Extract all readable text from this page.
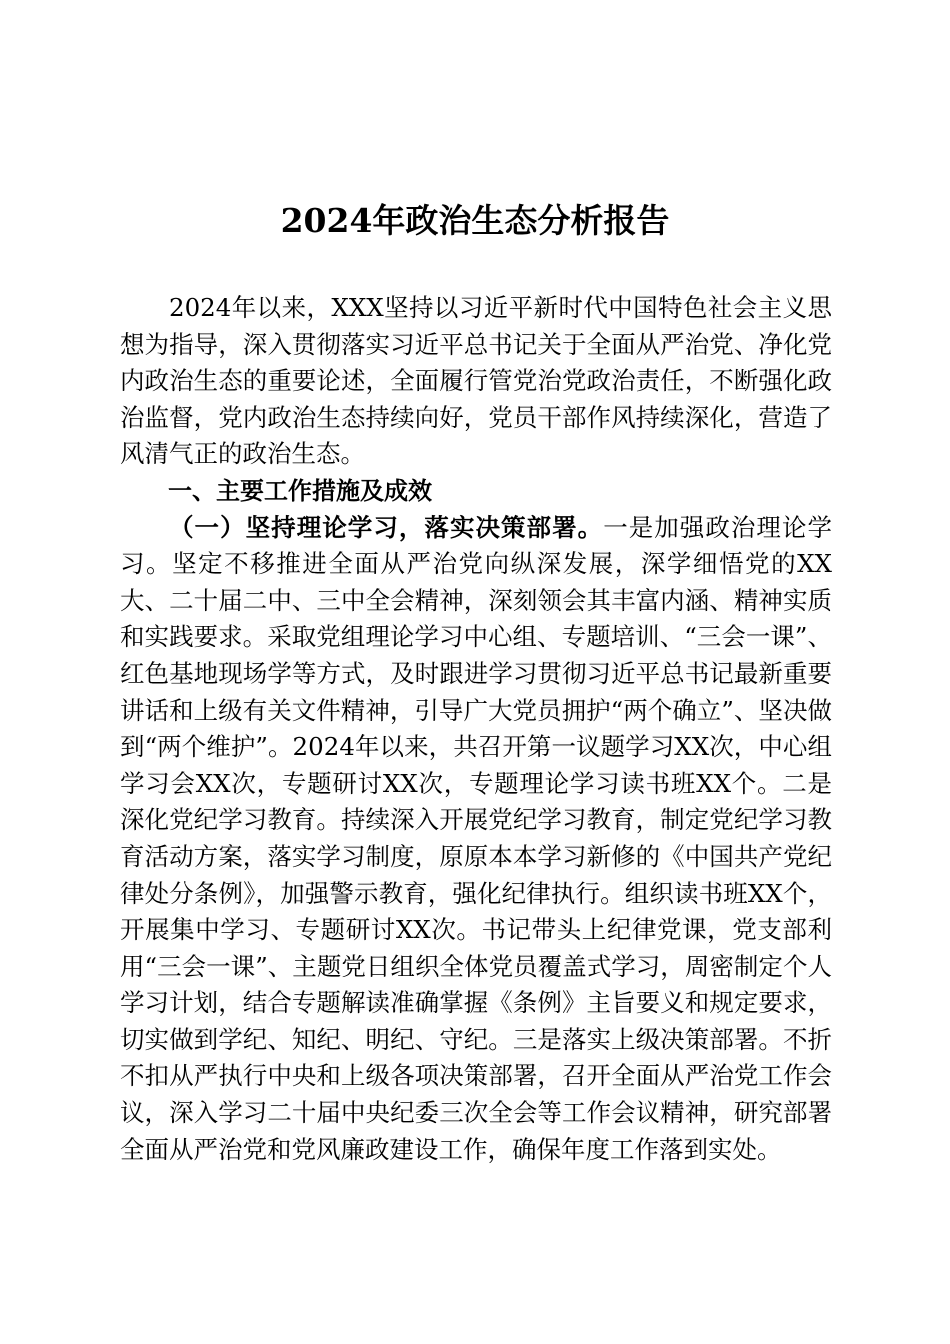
2024年政治生态分析报告

2024年以来，XXX坚持以习近平新时代中国特色社会主义思想为指导，深入贯彻落实习近平总书记关于全面从严治党、净化党内政治生态的重要论述，全面履行管党治党政治责任，不断强化政治监督，党内政治生态持续向好，党员干部作风持续深化，营造了风清气正的政治生态。

一、主要工作措施及成效

（一）坚持理论学习，落实决策部署。一是加强政治理论学习。坚定不移推进全面从严治党向纵深发展，深学细悟党的XX大、二十届二中、三中全会精神，深刻领会其丰富内涵、精神实质和实践要求。采取党组理论学习中心组、专题培训、“三会一课”、红色基地现场学等方式，及时跟进学习贯彻习近平总书记最新重要讲话和上级有关文件精神，引导广大党员拥护“两个确立”、坚决做到“两个维护”。2024年以来，共召开第一议题学习XX次，中心组学习会XX次，专题研讨XX次，专题理论学习读书班XX个。二是深化党纪学习教育。持续深入开展党纪学习教育，制定党纪学习教育活动方案，落实学习制度，原原本本学习新修的《中国共产党纪律处分条例》，加强警示教育，强化纪律执行。组织读书班XX个，开展集中学习、专题研讨XX次。书记带头上纪律党课，党支部利用“三会一课”、主题党日组织全体党员覆盖式学习，周密制定个人学习计划，结合专题解读准确掌握《条例》主旨要义和规定要求，切实做到学纪、知纪、明纪、守纪。三是落实上级决策部署。不折不扣从严执行中央和上级各项决策部署，召开全面从严治党工作会议，深入学习二十届中央纪委三次全会等工作会议精神，研究部署全面从严治党和党风廉政建设工作，确保年度工作落到实处。
